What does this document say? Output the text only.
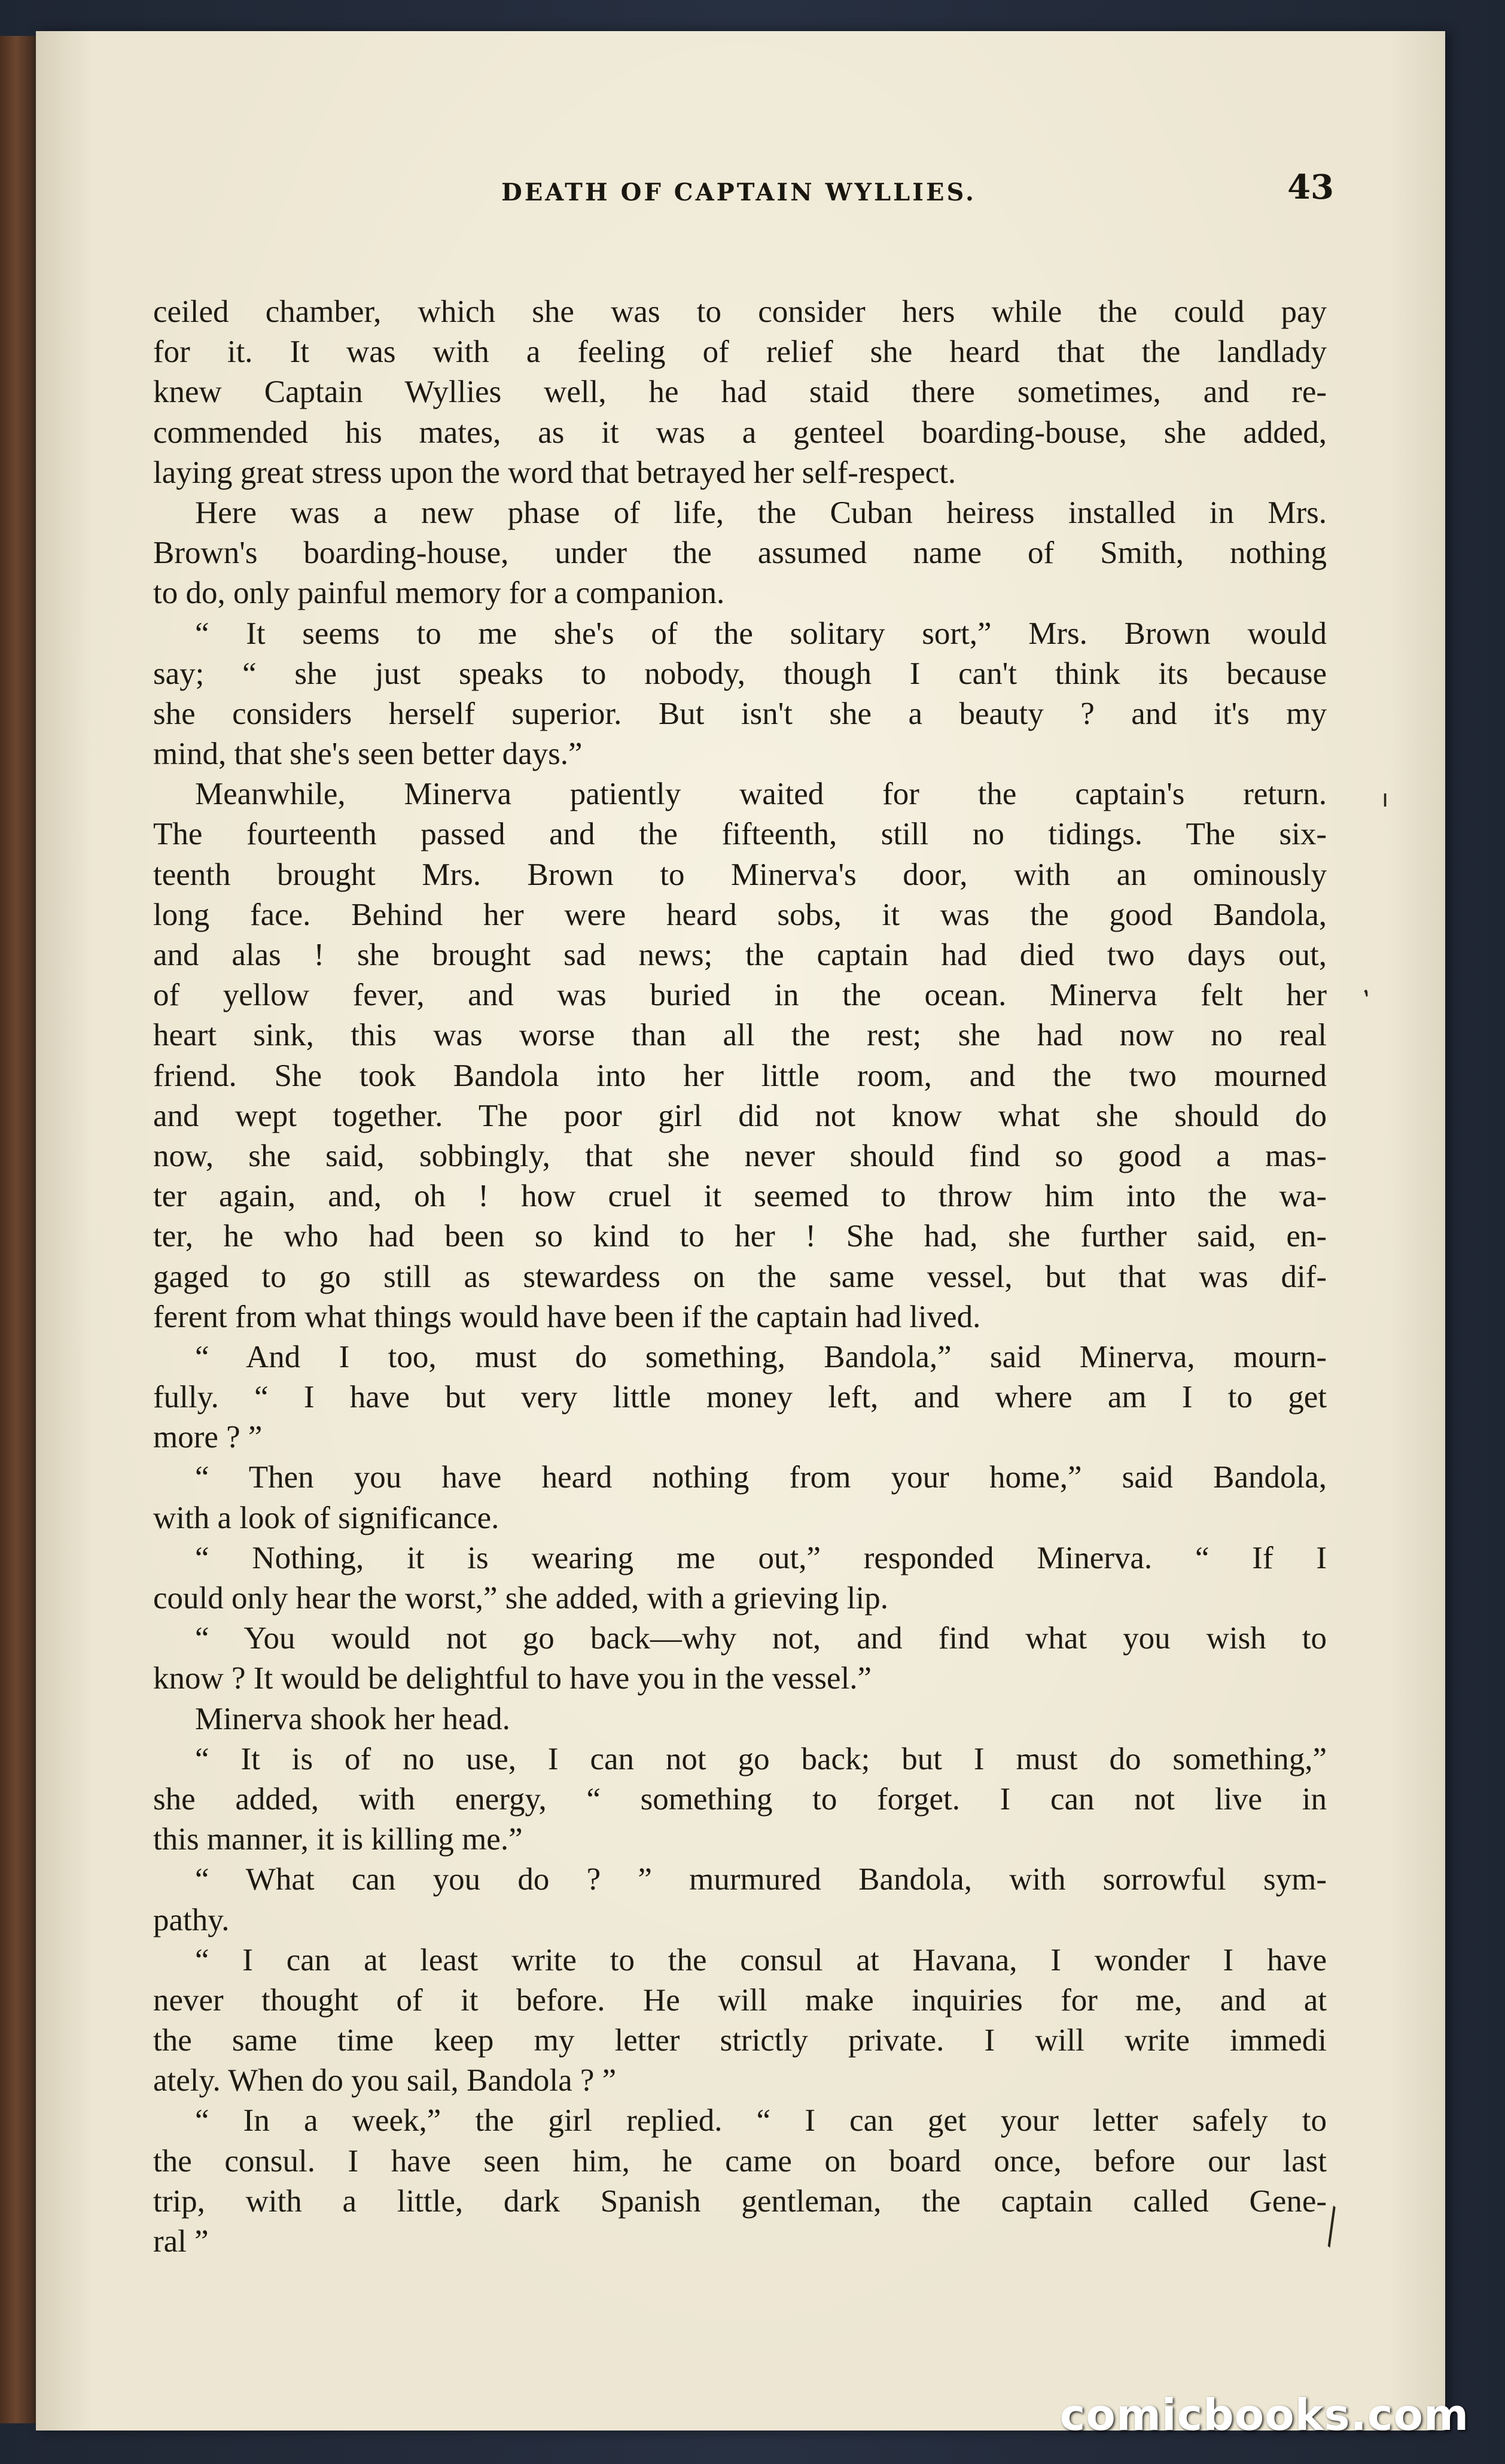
DEATH OF CAPTAIN WYLLIES.	43
ceiled chamber, which she was to consider hers while the could pay
for it. It was with a feeling of relief she heard that the landlady
knew Captain Wyllies well, he had staid there sometimes, and re-
commended his mates, as it was a genteel boarding-bouse, she added,
laying great stress upon the word that betrayed her self-respect.
Here was a new phase of life, the Cuban heiress installed in Mrs.
Brown's boarding-house, under the assumed name of Smith, nothing
to do, only painful memory for a companion.
“ It seems to me she's of the solitary sort,” Mrs. Brown would
say; “ she just speaks to nobody, though I can't think its because
she considers herself superior. But isn't she a beauty ? and it's my
mind, that she's seen better days.”
Meanwhile, Minerva patiently waited for the captain's return.
The fourteenth passed and the fifteenth, still no tidings. The six-
teenth brought Mrs. Brown to Minerva's door, with an ominously
long face. Behind her were heard sobs, it was the good Bandola,
and alas ! she brought sad news; the captain had died two days out,
of yellow fever, and was buried in the ocean. Minerva felt her
heart sink, this was worse than all the rest; she had now no real
friend. She took Bandola into her little room, and the two mourned
and wept together. The poor girl did not know what she should do
now, she said, sobbingly, that she never should find so good a mas-
ter again, and, oh ! how cruel it seemed to throw him into the wa-
ter, he who had been so kind to her ! She had, she further said, en-
gaged to go still as stewardess on the same vessel, but that was dif-
ferent from what things would have been if the captain had lived.
“ And I too, must do something, Bandola,” said Minerva, mourn-
fully. “ I have but very little money left, and where am I to get
more ? ”
“ Then you have heard nothing from your home,” said Bandola,
with a look of significance.
“ Nothing, it is wearing me out,” responded Minerva. “ If I
could only hear the worst,” she added, with a grieving lip.
“ You would not go back—why not, and find what you wish to
know ? It would be delightful to have you in the vessel.”
Minerva shook her head.
“ It is of no use, I can not go back; but I must do something,”
she added, with energy, “ something to forget. I can not live in
this manner, it is killing me.”
“ What can you do ? ” murmured Bandola, with sorrowful sym-
pathy.
“ I can at least write to the consul at Havana, I wonder I have
never thought of it before. He will make inquiries for me, and at
the same time keep my letter strictly private. I will write immedi
ately. When do you sail, Bandola ? ”
“ In a week,” the girl replied. “ I can get your letter safely to
the consul. I have seen him, he came on board once, before our last
trip, with a little, dark Spanish gentleman, the captain called Gene-
ral ”
ı
‚
╲
comicbooks.com
